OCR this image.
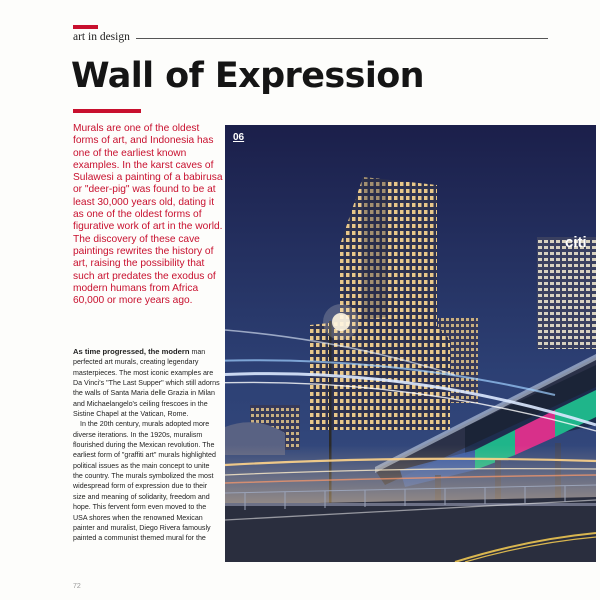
art in design
Wall of Expression

Murals are one of the oldest forms of art, and Indonesia has one of the earliest known examples. In the karst caves of Sulawesi a painting of a babirusa or "deer-pig" was found to be at least 30,000 years old, dating it as one of the oldest forms of figurative work of art in the world. The discovery of these cave paintings rewrites the history of art, raising the possibility that such art predates the exodus of modern humans from Africa 60,000 or more years ago.

As time progressed, the modern man perfected art murals, creating legendary masterpieces. The most iconic examples are Da Vinci's "The Last Supper" which still adorns the walls of Santa Maria delle Grazia in Milan and Michaelangelo's ceiling frescoes in the Sistine Chapel at the Vatican, Rome.

In the 20th century, murals adopted more diverse iterations. In the 1920s, muralism flourished during the Mexican revolution. The earliest form of "graffiti art" murals highlighted political issues as the main concept to unite the country. The murals symbolized the most widespread form of expression due to their size and meaning of solidarity, freedom and hope. This fervent form even moved to the USA shores when the renowned Mexican painter and muralist, Diego Rivera famously painted a communist themed mural for the

72
citi
06
